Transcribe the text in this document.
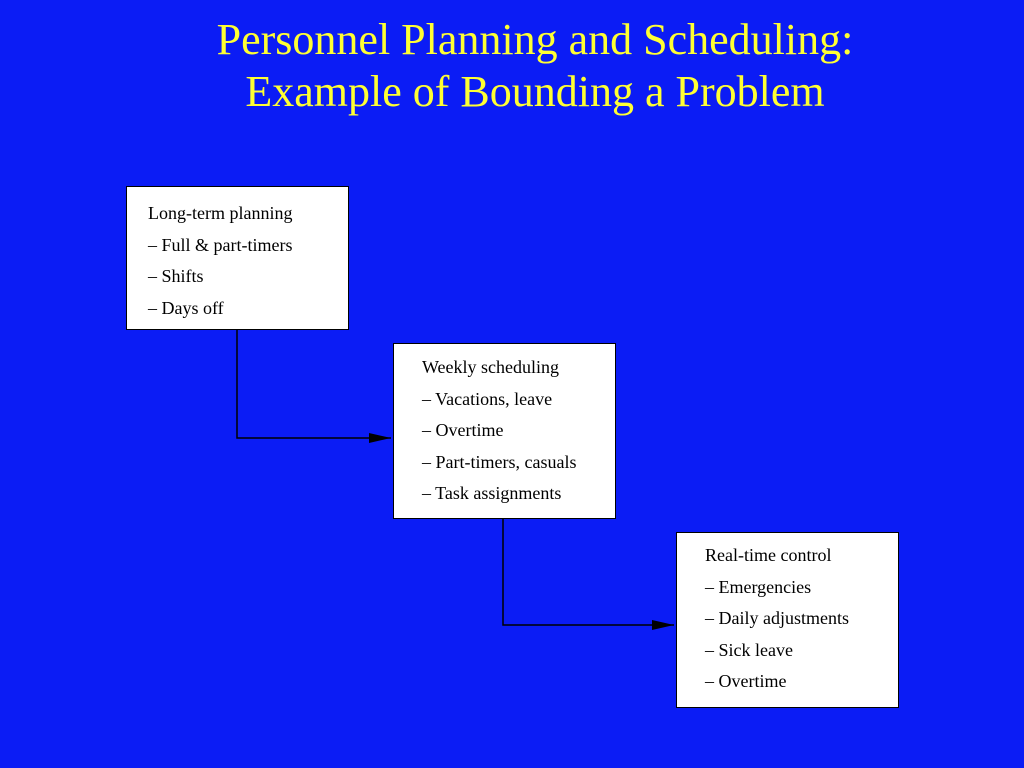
Personnel Planning and Scheduling:
Example of Bounding a Problem
Long-term planning
– Full & part-timers
– Shifts
– Days off
Weekly scheduling
– Vacations, leave
– Overtime
– Part-timers, casuals
– Task assignments
Real-time control
– Emergencies
– Daily adjustments
– Sick leave
– Overtime
